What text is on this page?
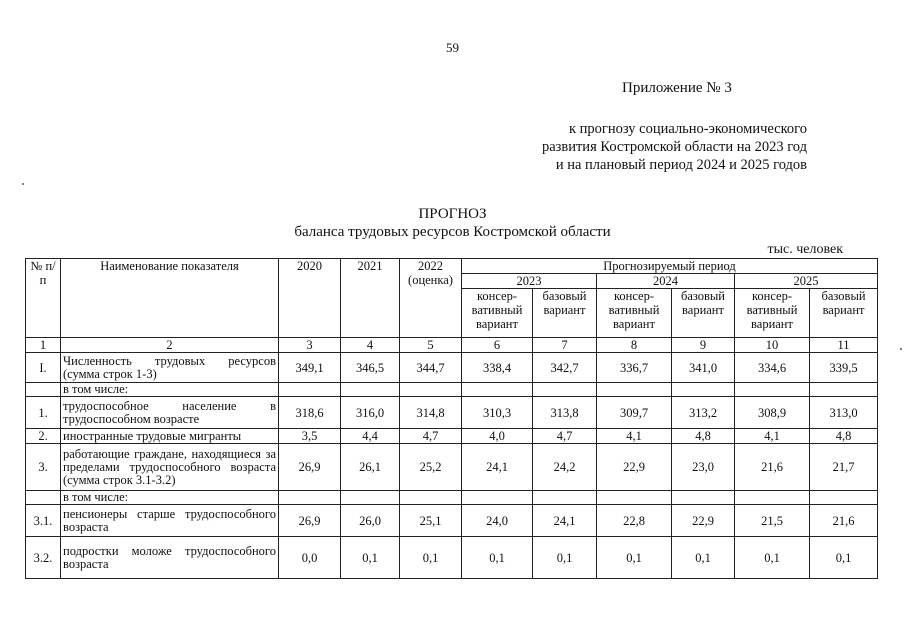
59
Приложение № 3
к прогнозу социально-экономического
развития Костромской области на 2023 год
и на плановый период 2024 и 2025 годов
ПРОГНОЗ
баланса трудовых ресурсов Костромской области
тыс. человек
№ п/п	Наименование показателя	2020	2021	2022 (оценка)	Прогнозируемый период					
					2023		2024		2025	
					консер-вативный вариант	базовый вариант	консер-вативный вариант	базовый вариант	консер-вативный вариант	базовый вариант
1	2	3	4	5	6	7	8	9	10	11
I.	Численность трудовых ресурсов (сумма строк 1-3)	349,1	346,5	344,7	338,4	342,7	336,7	341,0	334,6	339,5
	в том числе:									
1.	трудоспособное население в трудоспособном возрасте	318,6	316,0	314,8	310,3	313,8	309,7	313,2	308,9	313,0
2.	иностранные трудовые мигранты	3,5	4,4	4,7	4,0	4,7	4,1	4,8	4,1	4,8
3.	работающие граждане, находящиеся за пределами трудоспособного возраста (сумма строк 3.1-3.2)	26,9	26,1	25,2	24,1	24,2	22,9	23,0	21,6	21,7
	в том числе:									
3.1.	пенсионеры старше трудоспособного возраста	26,9	26,0	25,1	24,0	24,1	22,8	22,9	21,5	21,6
3.2.	подростки моложе трудоспособного возраста	0,0	0,1	0,1	0,1	0,1	0,1	0,1	0,1	0,1
